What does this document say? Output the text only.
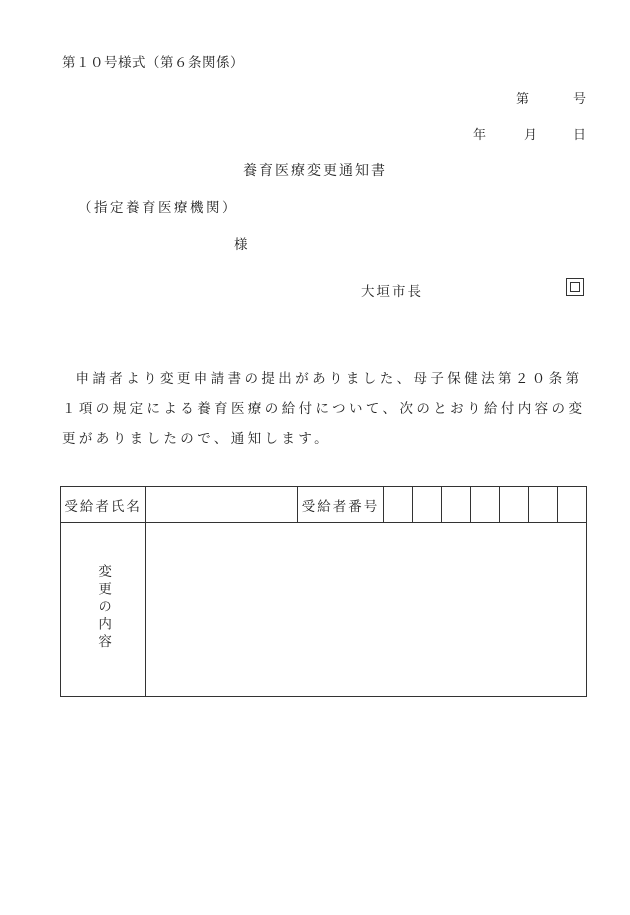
第１０号様式（第６条関係）
第	号
年	月	日
養育医療変更通知書
（指定養育医療機関）
様
大垣市長

申請者より変更申請書の提出がありました、母子保健法第２０条第１項の規定による養育医療の給付について、次のとおり給付内容の変更がありましたので、通知します。

受給者氏名		受給者番号							
変更の内容									
